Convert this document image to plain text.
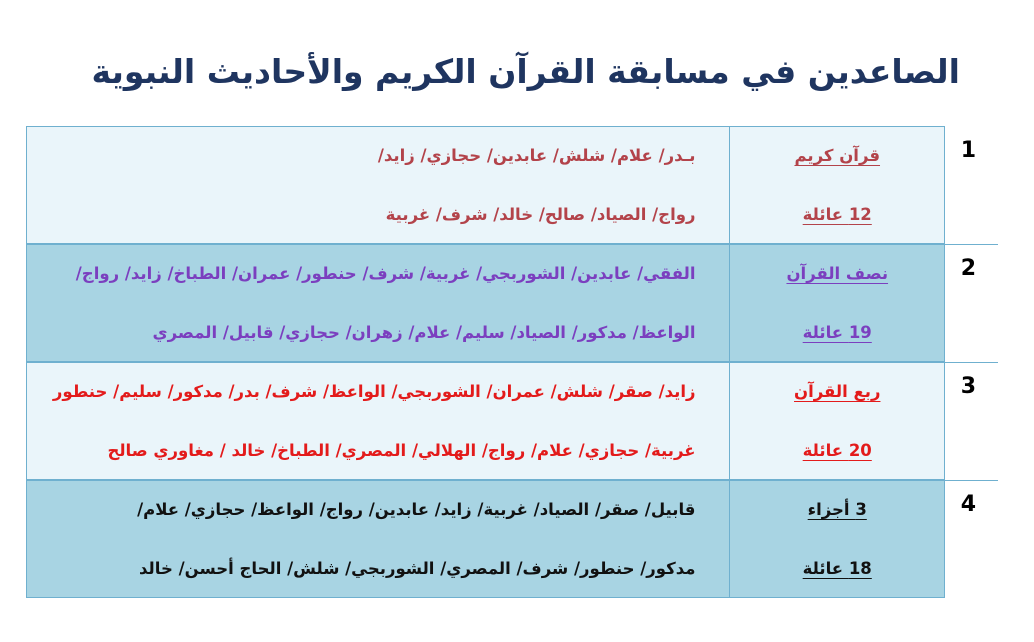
الصاعدين في مسابقة القرآن الكريم والأحاديث النبوية
بـدر/ علام/ شلش/ عابدين/ حجازي/ زايد/
رواج/ الصياد/ صالح/ خالد/ شرف/ غربية
قرآن كريم
12 عائلة
1
الفقي/ عابدين/ الشوربجي/ غربية/ شرف/ حنطور/ عمران/ الطباخ/ زايد/ رواج/
الواعظ/ مدكور/ الصياد/ سليم/ علام/ زهران/ حجازي/ قابيل/ المصري
نصف القرآن
19 عائلة
2
زايد/ صقر/ شلش/ عمران/ الشوربجي/ الواعظ/ شرف/ بدر/ مدكور/ سليم/ حنطور
غربية/ حجازي/ علام/ رواج/ الهلالي/ المصري/ الطباخ/ خالد / مغاوري صالح
ربع القرآن
20 عائلة
3
قابيل/ صقر/ الصياد/ غربية/ زايد/ عابدين/ رواج/ الواعظ/ حجازي/ علام/
مدكور/ حنطور/ شرف/ المصري/ الشوربجي/ شلش/ الحاج أحسن/ خالد
3 أجزاء
18 عائلة
4
